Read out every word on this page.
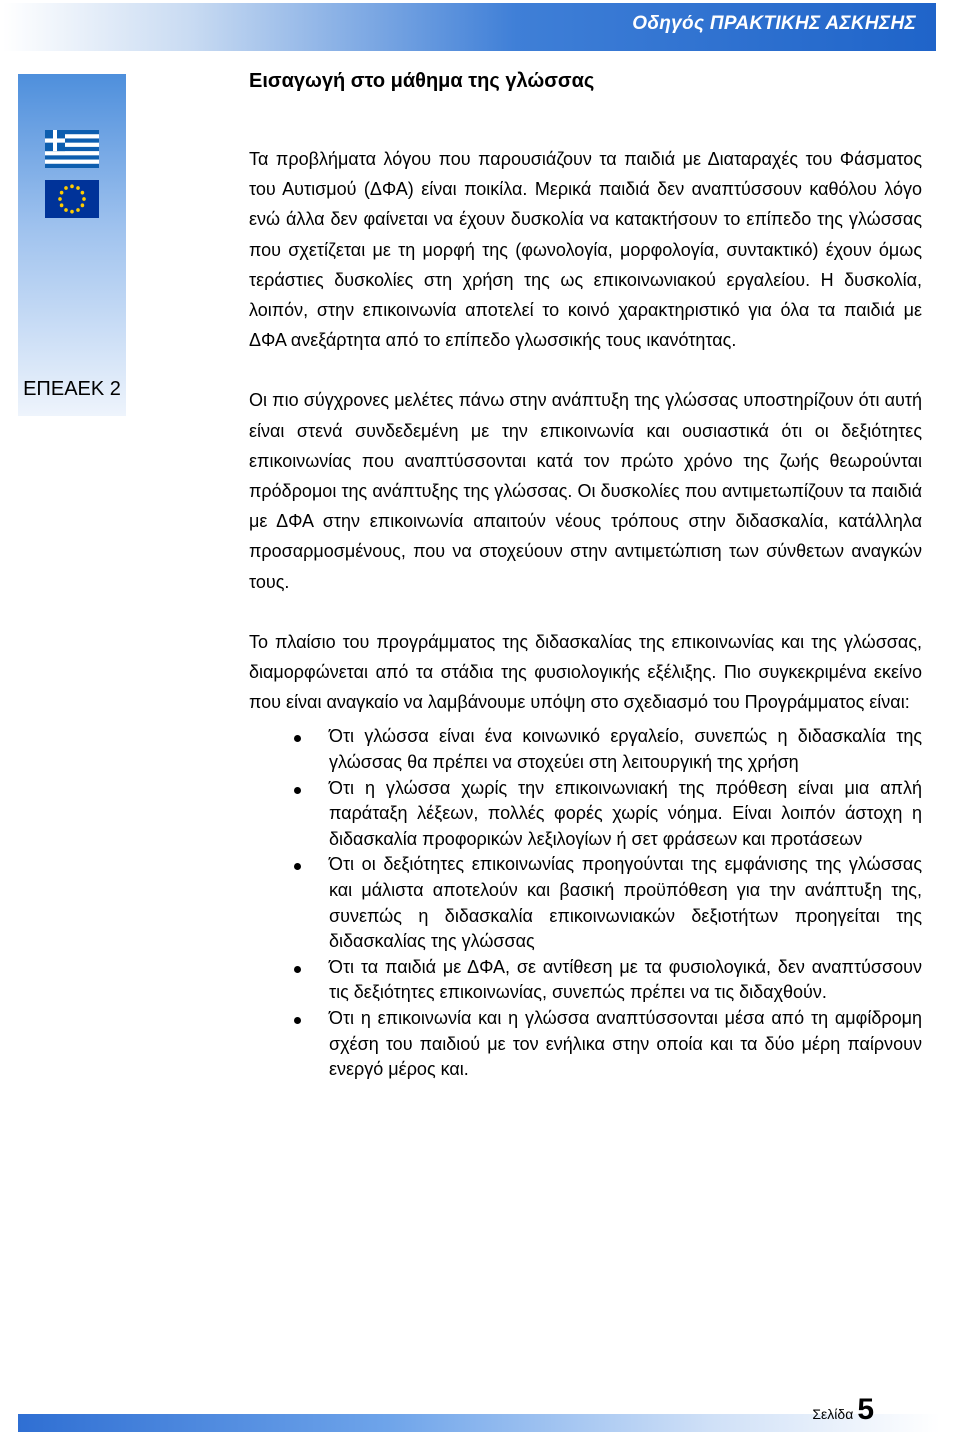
Οδηγός ΠΡΑΚΤΙΚΗΣ ΑΣΚΗΣΗΣ
ΕΠΕΑΕΚ 2
Εισαγωγή στο μάθημα της γλώσσας

Τα προβλήματα λόγου που παρουσιάζουν τα παιδιά με Διαταραχές του Φάσματος του Αυτισμού (ΔΦΑ) είναι ποικίλα. Μερικά παιδιά δεν αναπτύσσουν καθόλου λόγο ενώ άλλα δεν φαίνεται να έχουν δυσκολία να κατακτήσουν το επίπεδο της γλώσσας που σχετίζεται με τη μορφή της (φωνολογία, μορφολογία, συντακτικό) έχουν όμως τεράστιες δυσκολίες στη χρήση της ως επικοινωνιακού εργαλείου. Η δυσκολία, λοιπόν, στην επικοινωνία αποτελεί το κοινό χαρακτηριστικό για όλα τα παιδιά με ΔΦΑ ανεξάρτητα από το επίπεδο γλωσσικής τους ικανότητας.

Οι πιο σύγχρονες μελέτες πάνω στην ανάπτυξη της γλώσσας υποστηρίζουν ότι αυτή είναι στενά συνδεδεμένη με την επικοινωνία και ουσιαστικά ότι οι δεξιότητες επικοινωνίας που αναπτύσσονται κατά τον πρώτο χρόνο της ζωής θεωρούνται πρόδρομοι της ανάπτυξης της γλώσσας. Οι δυσκολίες που αντιμετωπίζουν τα παιδιά με ΔΦΑ στην επικοινωνία απαιτούν νέους τρόπους στην διδασκαλία, κατάλληλα προσαρμοσμένους, που να στοχεύουν στην αντιμετώπιση των σύνθετων αναγκών τους.

Το πλαίσιο του προγράμματος της διδασκαλίας της επικοινωνίας και της γλώσσας, διαμορφώνεται από τα στάδια της φυσιολογικής εξέλιξης. Πιο συγκεκριμένα εκείνο που είναι αναγκαίο να λαμβάνουμε υπόψη στο σχεδιασμό του Προγράμματος είναι:

Ότι γλώσσα είναι ένα κοινωνικό εργαλείο, συνεπώς η διδασκαλία της γλώσσας θα πρέπει να στοχεύει στη λειτουργική της χρήση
Ότι η γλώσσα χωρίς την επικοινωνιακή της πρόθεση είναι μια απλή παράταξη λέξεων, πολλές φορές χωρίς νόημα. Είναι λοιπόν άστοχη η διδασκαλία προφορικών λεξιλογίων ή σετ φράσεων και προτάσεων
Ότι οι δεξιότητες επικοινωνίας προηγούνται της εμφάνισης της γλώσσας και μάλιστα αποτελούν και βασική προϋπόθεση για την ανάπτυξη της, συνεπώς η διδασκαλία επικοινωνιακών δεξιοτήτων προηγείται της διδασκαλίας της γλώσσας
Ότι τα παιδιά με ΔΦΑ, σε αντίθεση με τα φυσιολογικά, δεν αναπτύσσουν τις δεξιότητες επικοινωνίας, συνεπώς πρέπει να τις διδαχθούν.
Ότι η επικοινωνία και η γλώσσα αναπτύσσονται μέσα από τη αμφίδρομη σχέση του παιδιού με τον ενήλικα στην οποία και τα δύο μέρη παίρνουν ενεργό μέρος και.
Σελίδα 5
